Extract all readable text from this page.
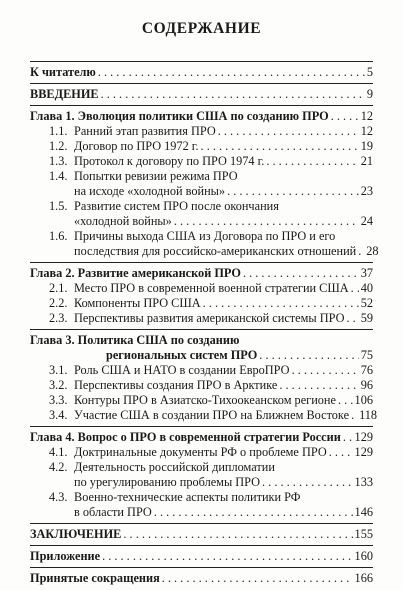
СОДЕРЖАНИЕ
К читателю . . .	5
ВВЕДЕНИЕ . . .	9
Глава 1. Эволюция политики США по созданию ПРО . . .	12
1.1. Ранний этап развития ПРО . . .	12
1.2. Договор по ПРО 1972 г. . . .	19
1.3. Протокол к договору по ПРО 1974 г. . . .	21
1.4. Попытки ревизии режима ПРО
на исходе «холодной войны» . . .	23
1.5. Развитие систем ПРО после окончания
«холодной войны» . . .	24
1.6. Причины выхода США из Договора по ПРО и его
последствия для российско-американских отношений . . . 28
Глава 2. Развитие американской ПРО . . .	37
2.1. Место ПРО в современной военной стратегии США . . . 40
2.2. Компоненты ПРО США . . .	52
2.3. Перспективы развития американской системы ПРО . . . 59
Глава 3. Политика США по созданию
региональных систем ПРО . . .	75
3.1. Роль США и НАТО в создании ЕвроПРО . . .	76
3.2. Перспективы создания ПРО в Арктике . . .	96
3.3. Контуры ПРО в Азиатско-Тихоокеанском регионе . . . 106
3.4. Участие США в создании ПРО на Ближнем Востоке . . . 118
Глава 4. Вопрос о ПРО в современной стратегии России . . . 129
4.1. Доктринальные документы РФ о проблеме ПРО . . . 129
4.2. Деятельность российской дипломатии
по урегулированию проблемы ПРО . . .	133
4.3. Военно-технические аспекты политики РФ
в области ПРО . . .	146
ЗАКЛЮЧЕНИЕ . . .	155
Приложение . . .	160
Принятые сокращения . . .	166
